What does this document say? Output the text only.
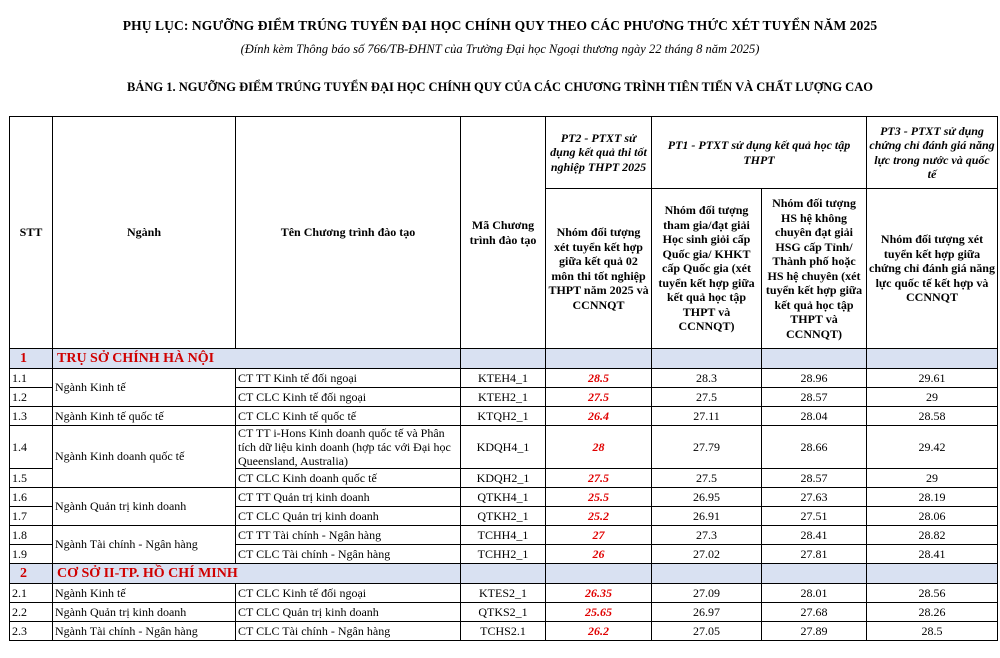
PHỤ LỤC: NGƯỠNG ĐIỂM TRÚNG TUYỂN ĐẠI HỌC CHÍNH QUY THEO CÁC PHƯƠNG THỨC XÉT TUYỂN NĂM 2025
(Đính kèm Thông báo số 766/TB-ĐHNT của Trường Đại học Ngoại thương ngày 22 tháng 8 năm 2025)
BẢNG 1. NGƯỠNG ĐIỂM TRÚNG TUYỂN ĐẠI HỌC CHÍNH QUY CỦA CÁC CHƯƠNG TRÌNH TIÊN TIẾN VÀ CHẤT LƯỢNG CAO
STT	Ngành	Tên Chương trình đào tạo	Mã Chương trình đào tạo	PT2 - PTXT sử dụng kết quả thi tốt nghiệp THPT 2025	PT1 - PTXT sử dụng kết quả học tập THPT		PT3 - PTXT sử dụng chứng chỉ đánh giá năng lực trong nước và quốc tế
				Nhóm đối tượng xét tuyển kết hợp giữa kết quả 02 môn thi tốt nghiệp THPT năm 2025 và CCNNQT	Nhóm đối tượng tham gia/đạt giải Học sinh giỏi cấp Quốc gia/ KHKT cấp Quốc gia (xét tuyển kết hợp giữa kết quả học tập THPT và CCNNQT)	Nhóm đối tượng HS hệ không chuyên đạt giải HSG cấp Tỉnh/ Thành phố hoặc HS hệ chuyên (xét tuyển kết hợp giữa kết quả học tập THPT và CCNNQT)	Nhóm đối tượng xét tuyển kết hợp giữa chứng chỉ đánh giá năng lực quốc tế kết hợp và CCNNQT
1	TRỤ SỞ CHÍNH HÀ NỘI						
1.1	Ngành Kinh tế	CT TT Kinh tế đối ngoại	KTEH4_1	28.5	28.3	28.96	29.61
1.2		CT CLC Kinh tế đối ngoại	KTEH2_1	27.5	27.5	28.57	29
1.3	Ngành Kinh tế quốc tế	CT CLC Kinh tế quốc tế	KTQH2_1	26.4	27.11	28.04	28.58
1.4	Ngành Kinh doanh quốc tế	CT TT i-Hons Kinh doanh quốc tế và Phân tích dữ liệu kinh doanh (hợp tác với Đại học Queensland, Australia)	KDQH4_1	28	27.79	28.66	29.42
1.5		CT CLC Kinh doanh quốc tế	KDQH2_1	27.5	27.5	28.57	29
1.6	Ngành Quản trị kinh doanh	CT TT Quản trị kinh doanh	QTKH4_1	25.5	26.95	27.63	28.19
1.7		CT CLC Quản trị kinh doanh	QTKH2_1	25.2	26.91	27.51	28.06
1.8	Ngành Tài chính - Ngân hàng	CT TT Tài chính - Ngân hàng	TCHH4_1	27	27.3	28.41	28.82
1.9		CT CLC Tài chính - Ngân hàng	TCHH2_1	26	27.02	27.81	28.41
2	CƠ SỞ II-TP. HỒ CHÍ MINH						
2.1	Ngành Kinh tế	CT CLC Kinh tế đối ngoại	KTES2_1	26.35	27.09	28.01	28.56
2.2	Ngành Quản trị kinh doanh	CT CLC Quản trị kinh doanh	QTKS2_1	25.65	26.97	27.68	28.26
2.3	Ngành Tài chính - Ngân hàng	CT CLC Tài chính - Ngân hàng	TCHS2.1	26.2	27.05	27.89	28.5
